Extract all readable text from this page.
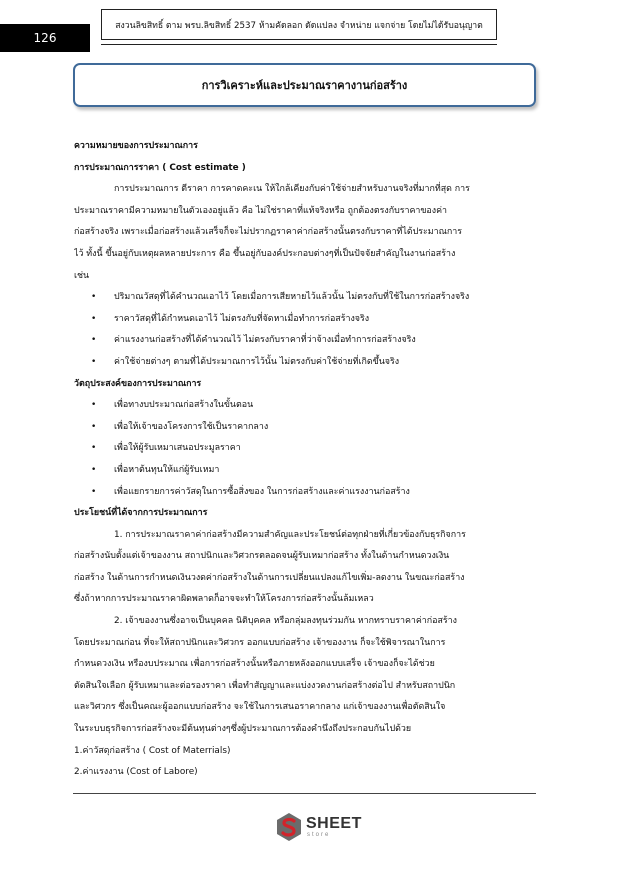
126
สงวนลิขสิทธิ์ ตาม พรบ.ลิขสิทธิ์ 2537 ห้ามคัดลอก ดัดแปลง จำหน่าย แจกจ่าย โดยไม่ได้รับอนุญาต
การวิเคราะห์และประมาณราคางานก่อสร้าง

ความหมายของการประมาณการ

การประมาณการราคา ( Cost estimate )

การประมาณการ ตีราคา การคาดคะเน ให้ใกล้เคียงกับค่าใช้จ่ายสำหรับงานจริงที่มากที่สุด การ

ประมาณราคามีความหมายในตัวเองอยู่แล้ว คือ ไม่ใช่ราคาที่แท้จริงหรือ ถูกต้องตรงกับราคาของค่า

ก่อสร้างจริง เพราะเมื่อก่อสร้างแล้วเสร็จก็จะไม่ปรากฏราคาค่าก่อสร้างนั้นตรงกับราคาที่ได้ประมาณการ

ไว้ ทั้งนี้ ขึ้นอยู่กับเหตุผลหลายประการ คือ ขึ้นอยู่กับองค์ประกอบต่างๆที่เป็นปัจจัยสำคัญในงานก่อสร้าง

เช่น

• ปริมาณวัสดุที่ได้คำนวณเอาไว้ โดยเมื่อการเสียหายไว้แล้วนั้น ไม่ตรงกับที่ใช้ในการก่อสร้างจริง
• ราคาวัสดุที่ได้กำหนดเอาไว้ ไม่ตรงกับที่จัดหาเมื่อทำการก่อสร้างจริง
• ค่าแรงงานก่อสร้างที่ได้คำนวณไว้ ไม่ตรงกับราคาที่ว่าจ้างเมื่อทำการก่อสร้างจริง
• ค่าใช้จ่ายต่างๆ ตามที่ได้ประมาณการไว้นั้น ไม่ตรงกับค่าใช้จ่ายที่เกิดขึ้นจริง

วัตถุประสงค์ของการประมาณการ

• เพื่อทางบประมาณก่อสร้างในขั้นตอน
• เพื่อให้เจ้าของโครงการใช้เป็นราคากลาง
• เพื่อให้ผู้รับเหมาเสนอประมูลราคา
• เพื่อหาต้นทุนให้แก่ผู้รับเหมา
• เพื่อแยกรายการค่าวัสดุในการซื้อสิ่งของ ในการก่อสร้างและค่าแรงงานก่อสร้าง

ประโยชน์ที่ได้จากการประมาณการ

1. การประมาณราคาค่าก่อสร้างมีความสำคัญและประโยชน์ต่อทุกฝ่ายที่เกี่ยวข้องกับธุรกิจการ

ก่อสร้างนับตั้งแต่เจ้าของงาน สถาปนิกและวิศวกรตลอดจนผู้รับเหมาก่อสร้าง ทั้งในด้านกำหนดวงเงิน

ก่อสร้าง ในด้านการกำหนดเงินวงดค่าก่อสร้างในด้านการเปลี่ยนแปลงแก้ไขเพิ่ม-ลดงาน ในขณะก่อสร้าง

ซึ่งถ้าหากการประมาณราคาผิดพลาดก็อาจจะทำให้โครงการก่อสร้างนั้นล้มเหลว

2. เจ้าของงานซึ่งอาจเป็นบุคคล นิติบุคคล หรือกลุ่มลงทุนร่วมกัน หากทราบราคาค่าก่อสร้าง

โดยประมาณก่อน ที่จะให้สถาปนิกและวิศวกร ออกแบบก่อสร้าง เจ้าของงาน ก็จะใช้พิจารณาในการ

กำหนดวงเงิน หรืองบประมาณ เพื่อการก่อสร้างนั้นหรือภายหลังออกแบบเสร็จ เจ้าของก็จะได้ช่วย

ตัดสินใจเลือก ผู้รับเหมาและต่อรองราคา เพื่อทำสัญญาและแบ่งงวดงานก่อสร้างต่อไป สำหรับสถาปนิก

และวิศวกร ซึ่งเป็นคณะผู้ออกแบบก่อสร้าง จะใช้ในการเสนอราคากลาง แก่เจ้าของงานเพื่อตัดสินใจ

ในระบบธุรกิจการก่อสร้างจะมีต้นทุนต่างๆซึ่งผู้ประมาณการต้องคำนึงถึงประกอบกันไปด้วย

1.ค่าวัสดุก่อสร้าง ( Cost of Materrials)

2.ค่าแรงงาน (Cost of Labore)

SHEET
store
